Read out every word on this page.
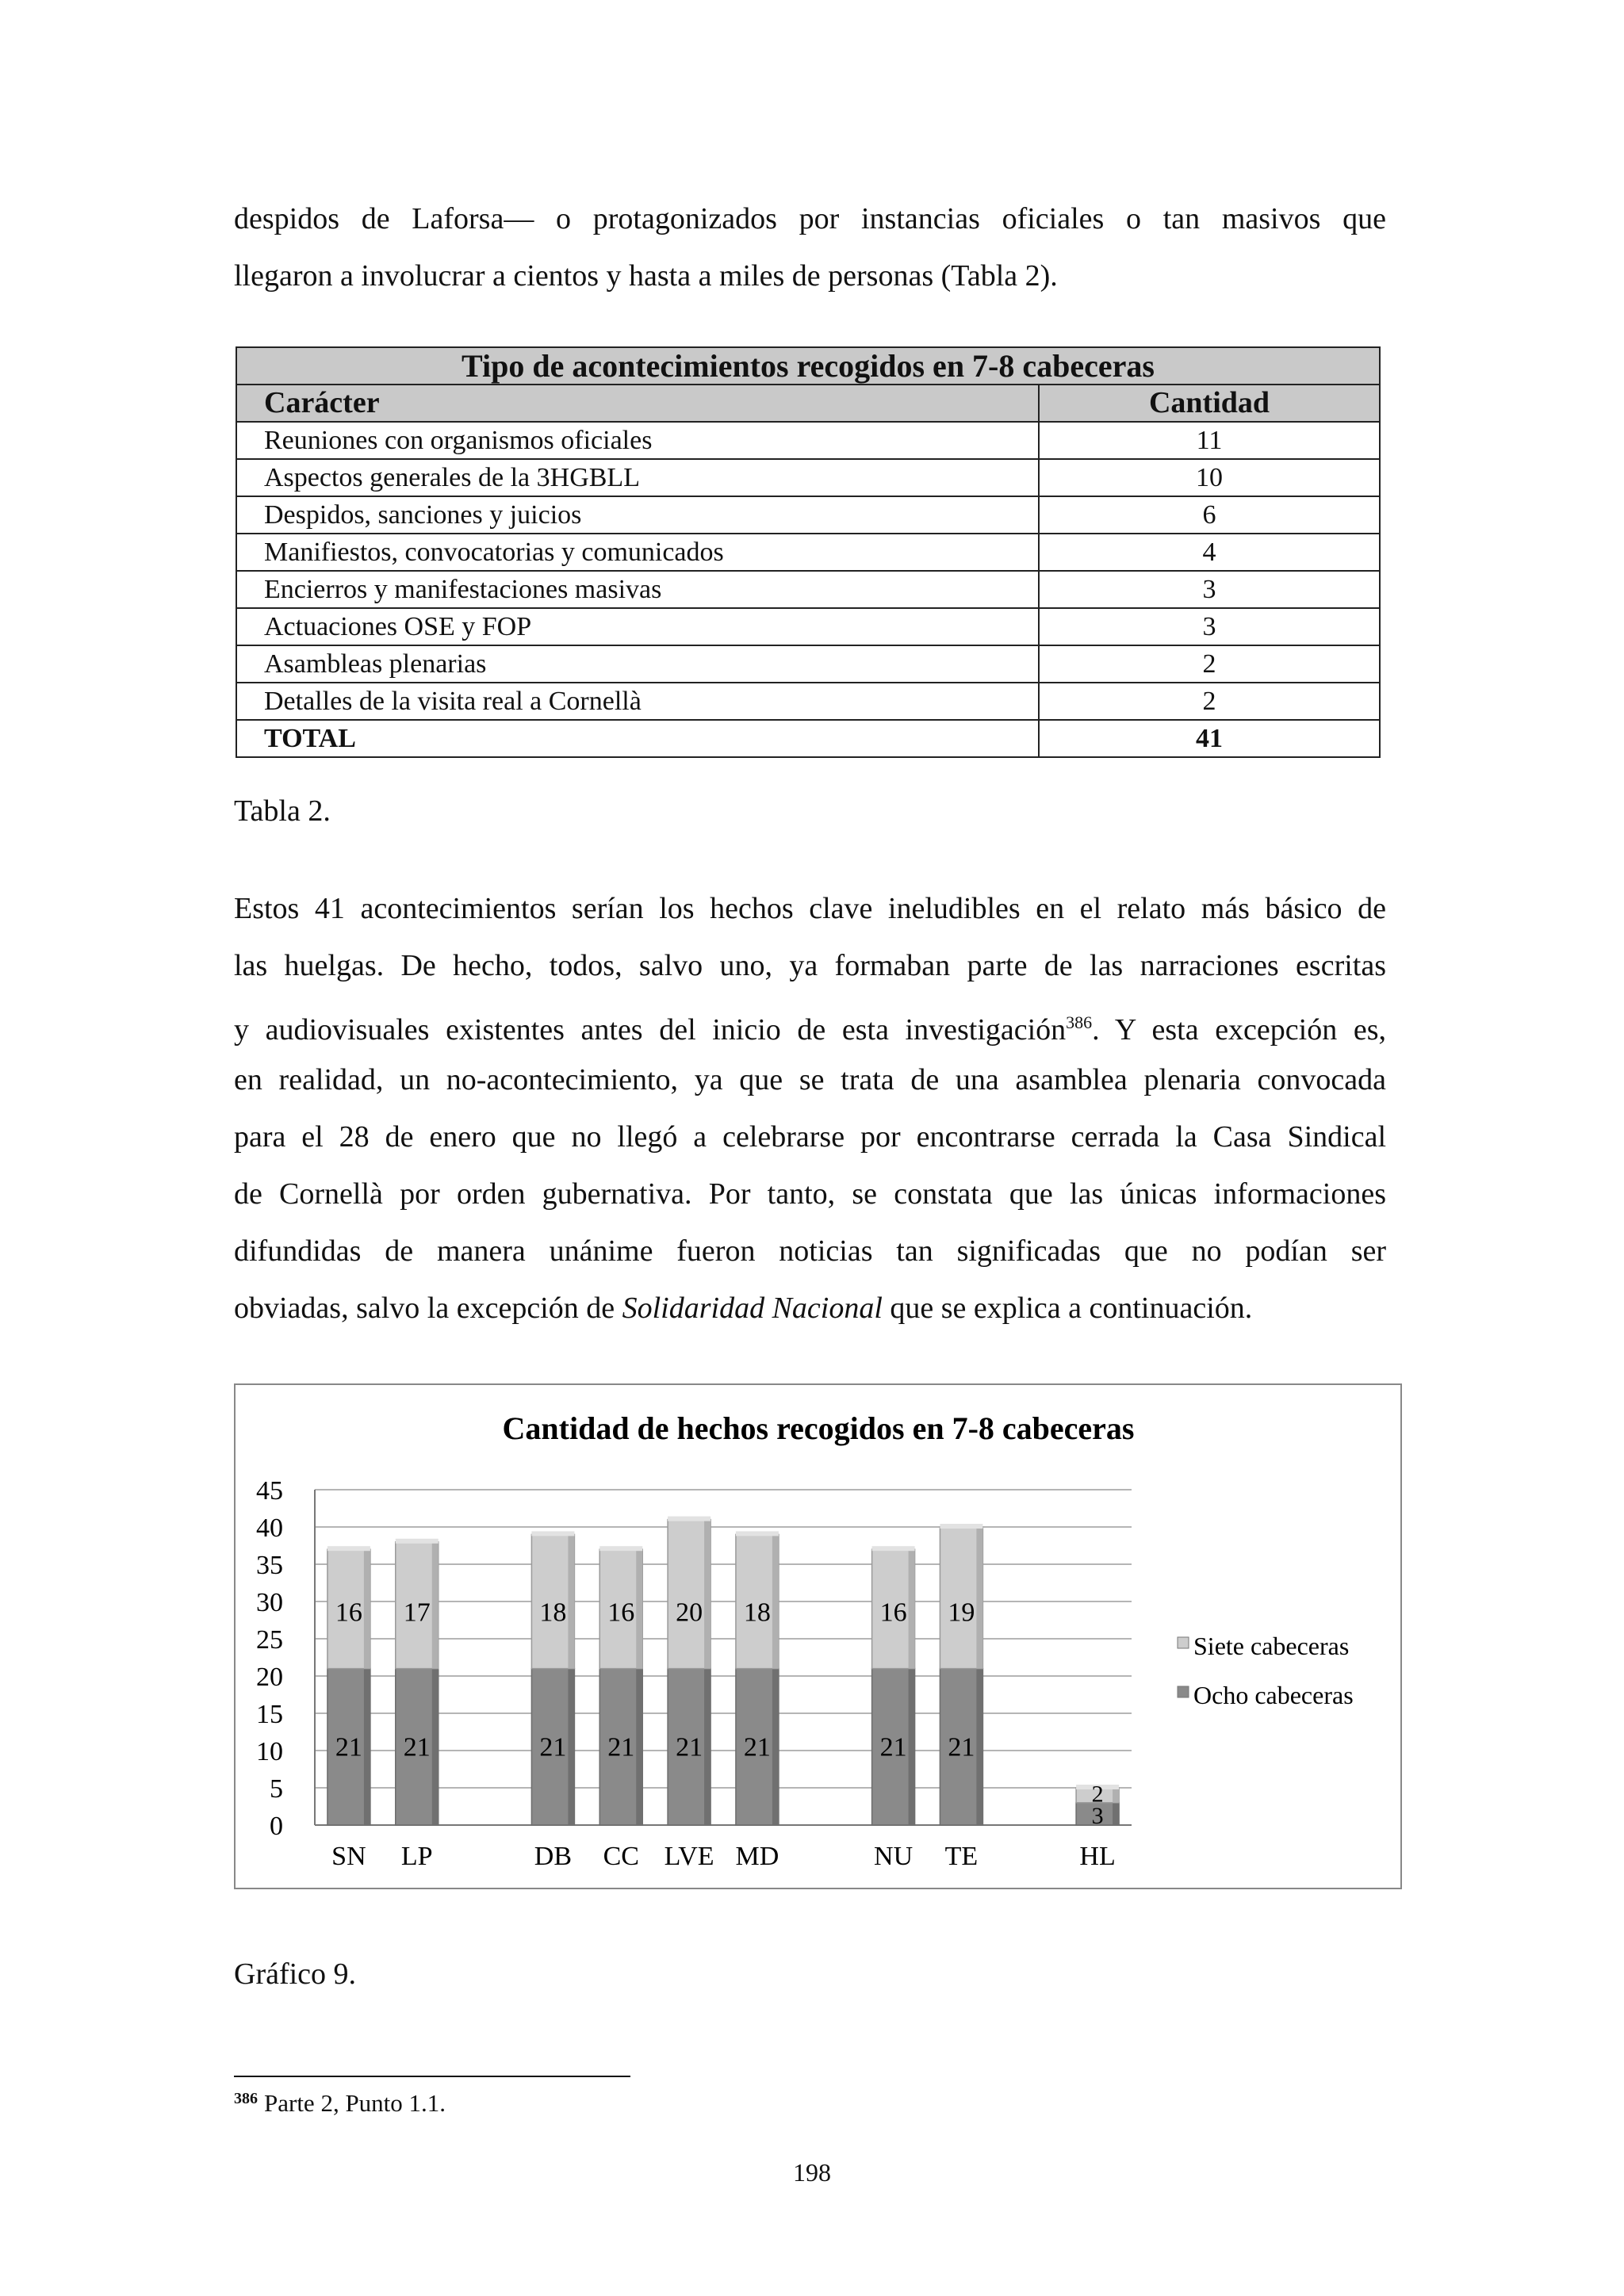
despidos de Laforsa— o protagonizados por instancias oficiales o tan masivos que

llegaron a involucrar a cientos y hasta a miles de personas (Tabla 2).

Tipo de acontecimientos recogidos en 7-8 cabeceras	
Carácter	Cantidad
Reuniones con organismos oficiales	11
Aspectos generales de la 3HGBLL	10
Despidos, sanciones y juicios	6
Manifiestos, convocatorias y comunicados	4
Encierros y manifestaciones masivas	3
Actuaciones OSE y FOP	3
Asambleas plenarias	2
Detalles de la visita real a Cornellà	2
TOTAL	41

Tabla 2.

Estos 41 acontecimientos serían los hechos clave ineludibles en el relato más básico de

las huelgas. De hecho, todos, salvo uno, ya formaban parte de las narraciones escritas

y audiovisuales existentes antes del inicio de esta investigación$^{386}$. Y esta excepción es,

en realidad, un no-acontecimiento, ya que se trata de una asamblea plenaria convocada

para el 28 de enero que no llegó a celebrarse por encontrarse cerrada la Casa Sindical

de Cornellà por orden gubernativa. Por tanto, se constata que las únicas informaciones

difundidas de manera unánime fueron noticias tan significadas que no podían ser

obviadas, salvo la excepción de Solidaridad Nacional que se explica a continuación.

Cantidad de hechos recogidos en 7-8 cabeceras
21
16
21
17
21
18
21
16
21
20
21
18
21
16
21
19
3
2
0
5
10
15
20
25
30
35
40
45
SN LP	DB CC LVE MD	NU TE	HL
Siete cabeceras
Ocho cabeceras

Gráfico 9.

$^{386}$ Parte 2, Punto 1.1.

198
